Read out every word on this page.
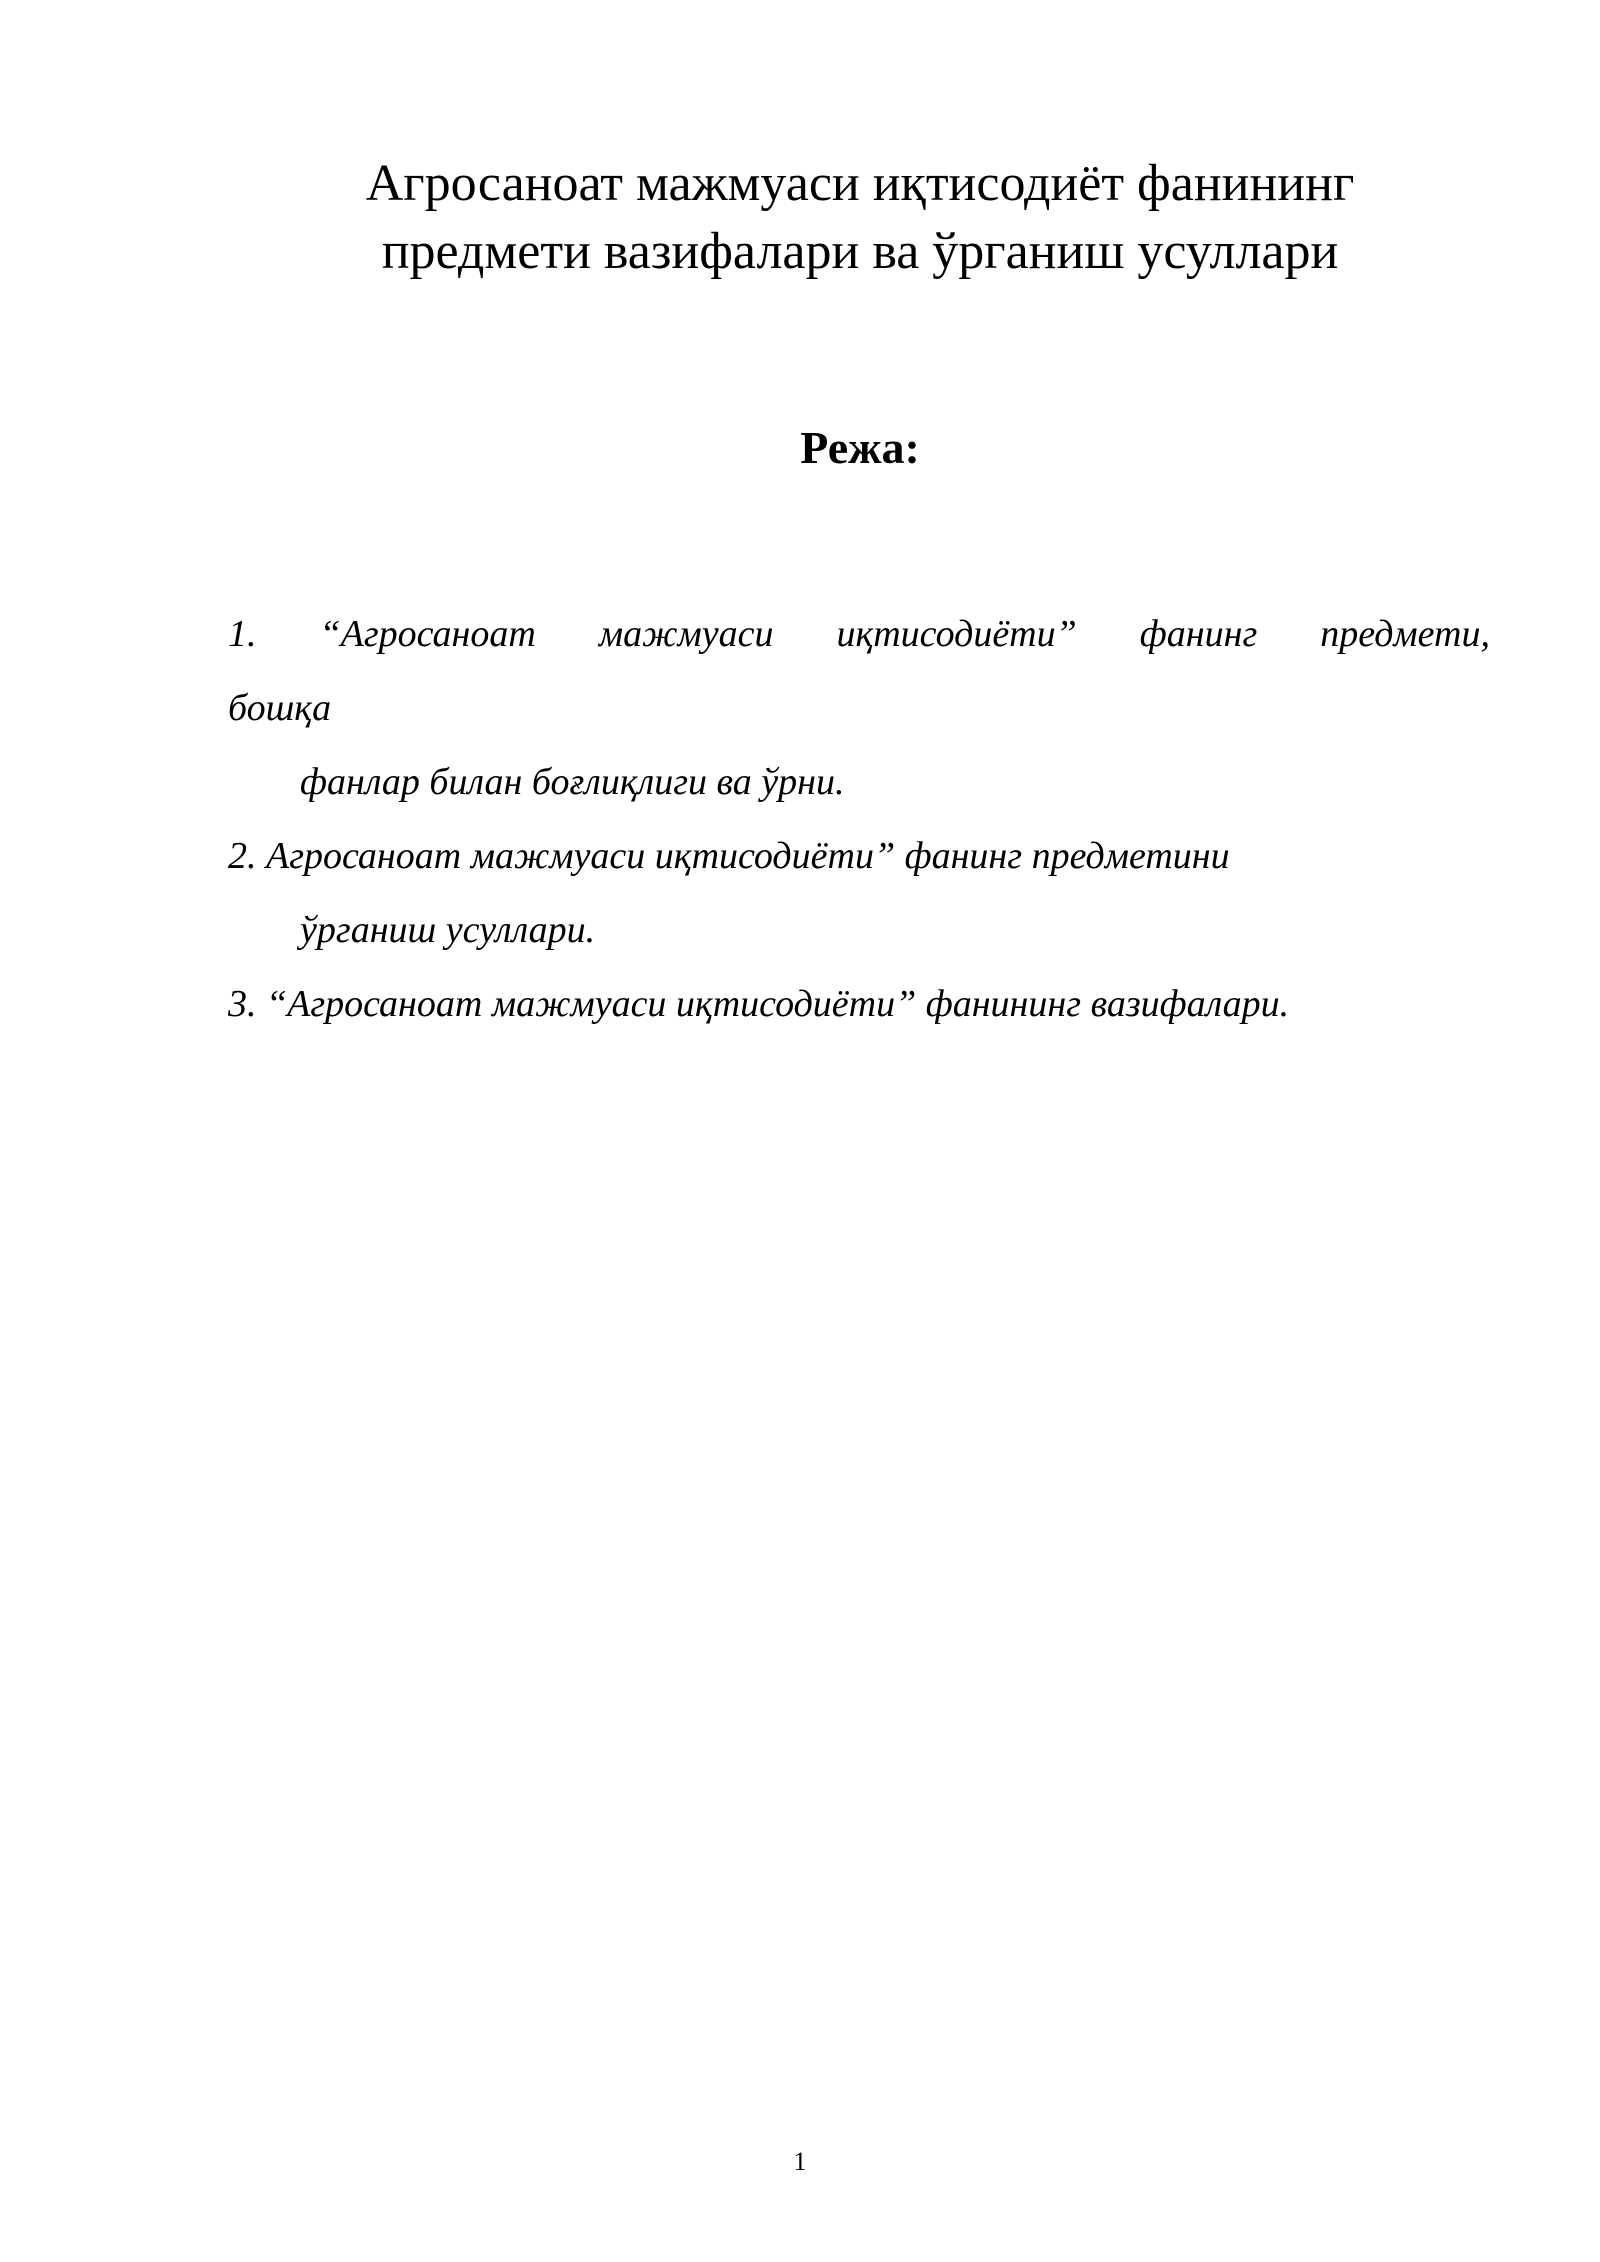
Агросаноат мажмуаси иқтисодиёт фанининг
предмети вазифалари ва ўрганиш усуллари
Режа:
1. “Агросаноат мажмуаси иқтисодиёти” фанинг предмети,
бошқа
фанлар билан боғлиқлиги ва ўрни.
2. Агросаноат мажмуаси иқтисодиёти” фанинг предметини
ўрганиш усуллари.
3. “Агросаноат мажмуаси иқтисодиёти” фанининг вазифалари.
1
